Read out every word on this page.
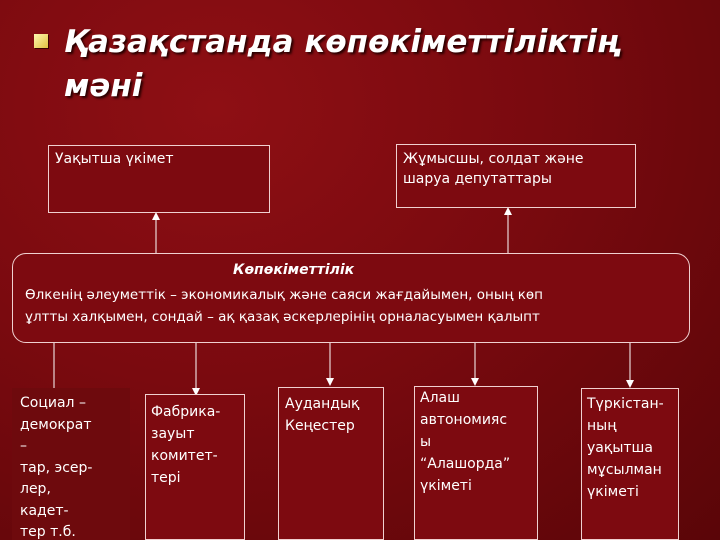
Қазақстанда көпөкіметтіліктің мәні
Уақытша үкімет	Жұмысшы, солдат және
шаруа депутаттары
Көпөкіметтілік
Өлкенің әлеуметтік – экономикалық және саяси жағдайымен, оның көп
ұлтты халқымен, сондай – ақ қазақ әскерлерінің орналасуымен қалыпт
Социал –
демократ
–
тар, эсер-
лер,
кадет-
тер т.б.
Фабрика-
зауыт
комитет-
тері
Аудандық
Кеңестер
Алаш
автономияс
ы
“Алашорда”
үкіметі
Түркістан-
ның
уақытша
мұсылман
үкіметі
